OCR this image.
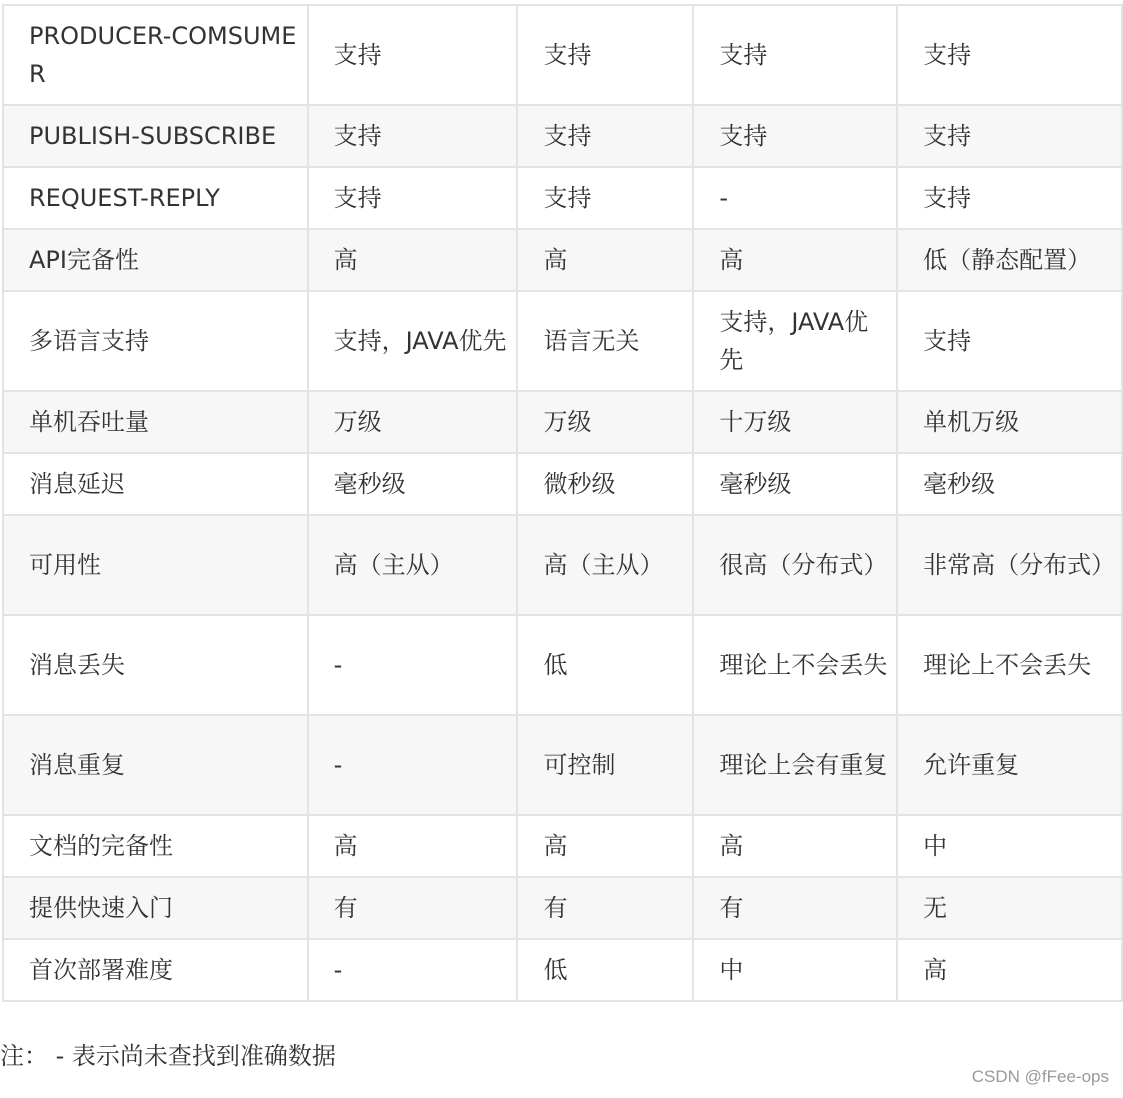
PRODUCER-COMSUMER	支持	支持	支持	支持
PUBLISH-SUBSCRIBE	支持	支持	支持	支持
REQUEST-REPLY	支持	支持	-	支持
API完备性	高	高	高	低（静态配置）
多语言支持	支持，JAVA优先	语言无关	支持，JAVA优先	支持
单机吞吐量	万级	万级	十万级	单机万级
消息延迟	毫秒级	微秒级	毫秒级	毫秒级
可用性	高（主从）	高（主从）	很高（分布式）	非常高（分布式）
消息丢失	-	低	理论上不会丢失	理论上不会丢失
消息重复	-	可控制	理论上会有重复	允许重复
文档的完备性	高	高	高	中
提供快速入门	有	有	有	无
首次部署难度	-	低	中	高
注： - 表示尚未查找到准确数据
CSDN @fFee-ops
